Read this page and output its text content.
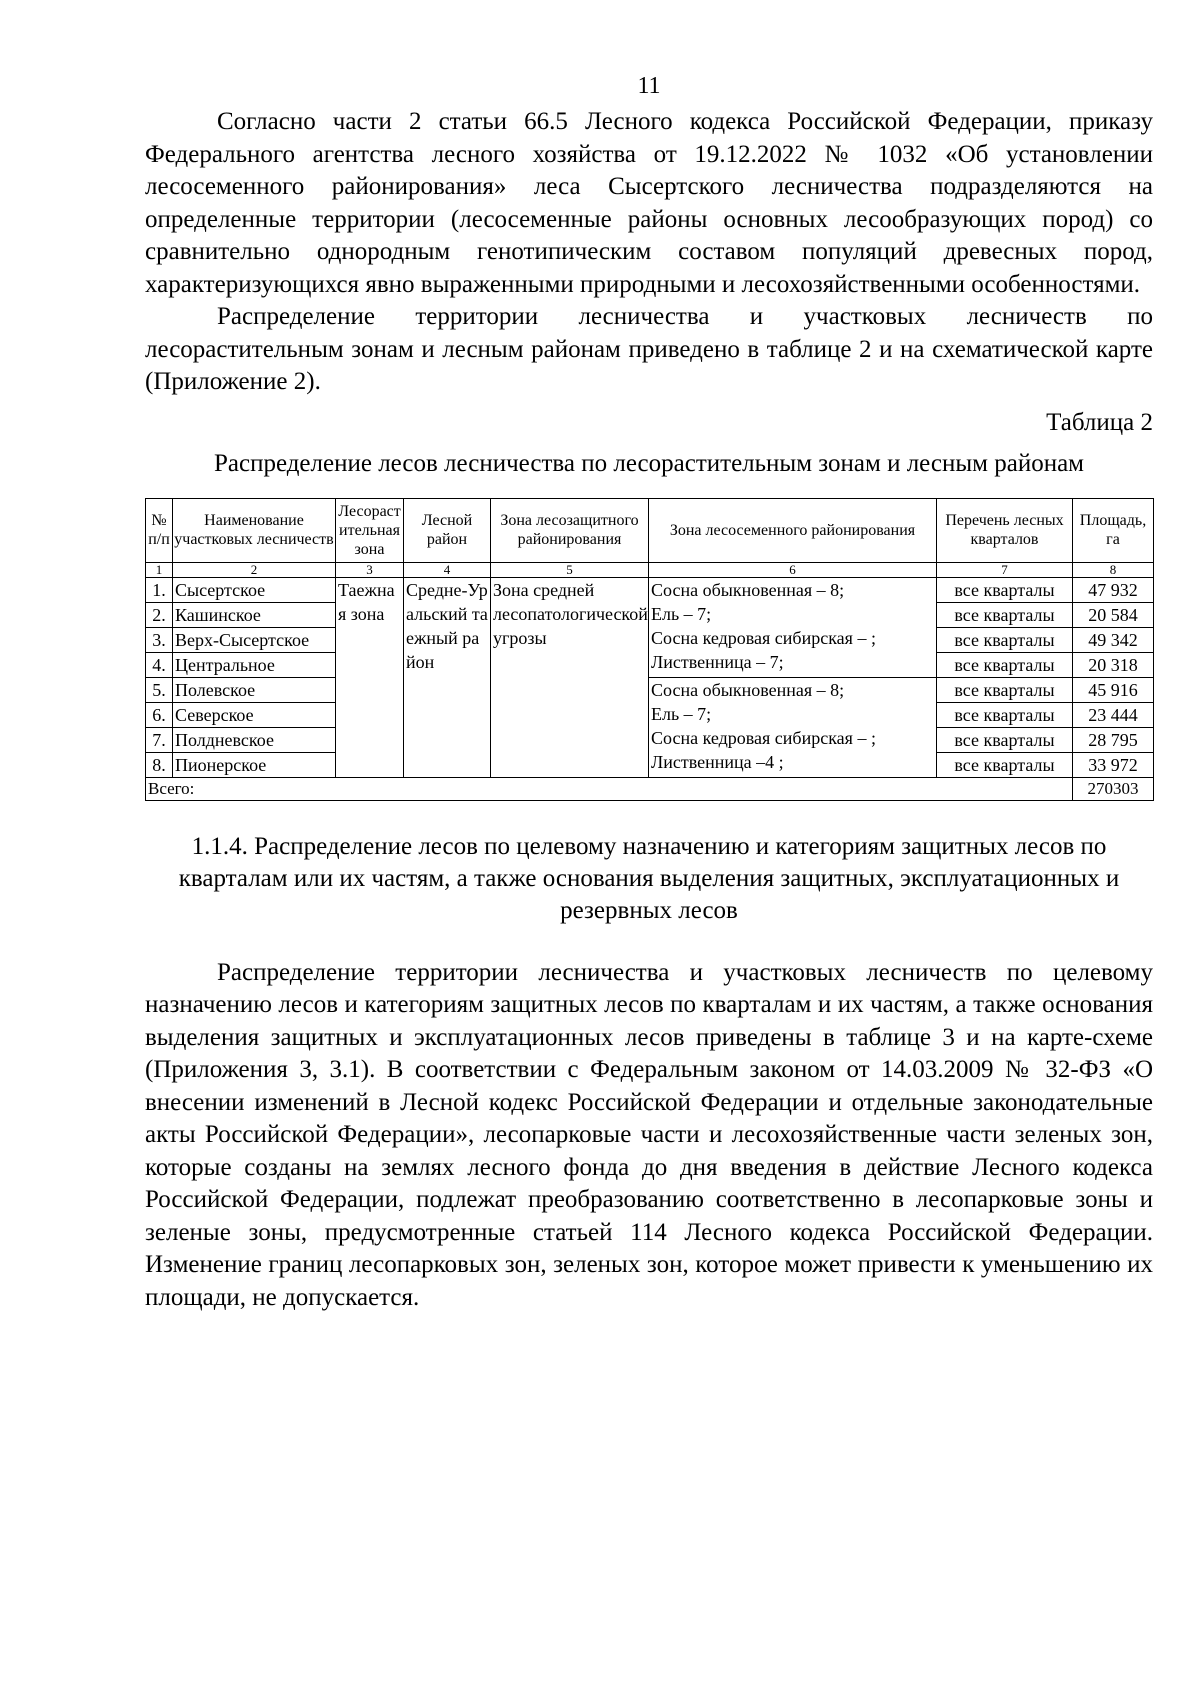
11

Согласно части 2 статьи 66.5 Лесного кодекса Российской Федерации, приказу Федерального агентства лесного хозяйства от 19.12.2022 № 1032 «Об установлении лесосеменного районирования» леса Сысертского лесничества подразделяются на определенные территории (лесосеменные районы основных лесообразующих пород) со сравнительно однородным генотипическим составом популяций древесных пород, характеризующихся явно выраженными природными и лесохозяйственными особенностями.

Распределение территории лесничества и участковых лесничеств по лесорастительным зонам и лесным районам приведено в таблице 2 и на схематической карте (Приложение 2).

Таблица 2
Распределение лесов лесничества по лесорастительным зонам и лесным районам
№ п/п	Наименование участковых лесничеств	Лесорастительная зона	Лесной район	Зона лесозащитного районирования	Зона лесосеменного районирования	Перечень лесных кварталов	Площадь, га
1	2	3	4	5	6	7	8
1.	Сысертское	Таежная зона	Средне-Уральский таежный район	Зона средней лесопатологической угрозы	Сосна обыкновенная – 8;
Ель – 7;
Сосна кедровая сибирская – ;
Лиственница – 7;	все кварталы	47 932
2.	Кашинское					все кварталы	20 584
3.	Верх-Сысертское					все кварталы	49 342
4.	Центральное					все кварталы	20 318
5.	Полевское				Сосна обыкновенная – 8;
Ель – 7;
Сосна кедровая сибирская – ;
Лиственница –4 ;	все кварталы	45 916
6.	Северское					все кварталы	23 444
7.	Полдневское					все кварталы	28 795
8.	Пионерское					все кварталы	33 972
Всего:							270303
1.1.4. Распределение лесов по целевому назначению и категориям защитных лесов по кварталам или их частям, а также основания выделения защитных, эксплуатационных и резервных лесов

Распределение территории лесничества и участковых лесничеств по целевому назначению лесов и категориям защитных лесов по кварталам и их частям, а также основания выделения защитных и эксплуатационных лесов приведены в таблице 3 и на карте-схеме (Приложения 3, 3.1). В соответствии с Федеральным законом от 14.03.2009 № 32-ФЗ «О внесении изменений в Лесной кодекс Российской Федерации и отдельные законодательные акты Российской Федерации», лесопарковые части и лесохозяйственные части зеленых зон, которые созданы на землях лесного фонда до дня введения в действие Лесного кодекса Российской Федерации, подлежат преобразованию соответственно в лесопарковые зоны и зеленые зоны, предусмотренные статьей 114 Лесного кодекса Российской Федерации. Изменение границ лесопарковых зон, зеленых зон, которое может привести к уменьшению их площади, не допускается.
